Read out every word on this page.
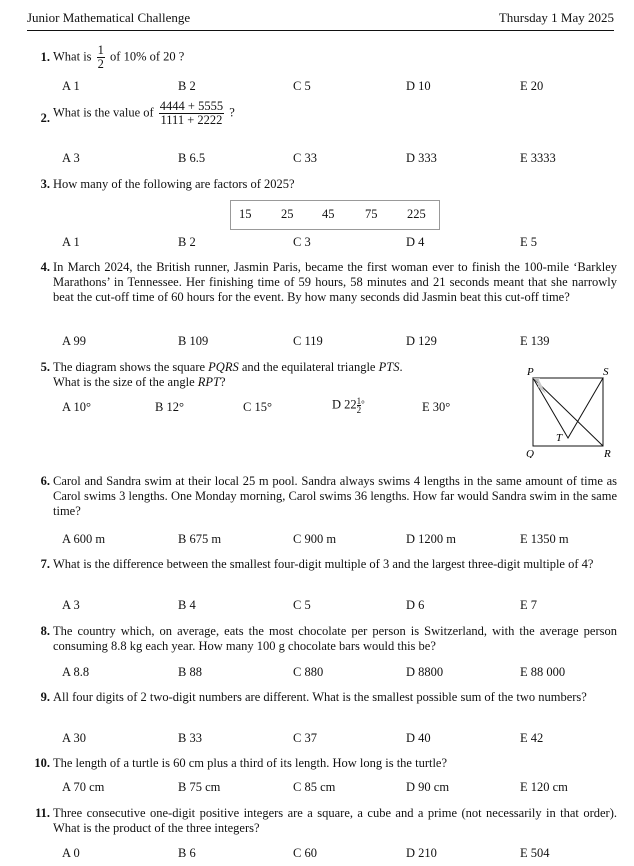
Junior Mathematical Challenge	Thursday 1 May 2025
1. What is $\frac{1}{2}$ of 10% of 20 ?
A 1	B 2	C 5	D 10	E 20
2. What is the value of $\frac{4444 + 5555}{1111 + 2222}$ ?
A 3	B 6.5	C 33	D 333	E 3333
3. How many of the following are factors of 2025?
15 25 45 75 225
A 1	B 2	C 3	D 4	E 5
4. In March 2024, the British runner, Jasmin Paris, became the first woman ever to finish the 100-mile ‘Barkley Marathons’ in Tennessee. Her finishing time of 59 hours, 58 minutes and 21 seconds meant that she narrowly beat the cut-off time of 60 hours for the event. By how many seconds did Jasmin beat this cut-off time?
A 99	B 109	C 119	D 129	E 139
5. The diagram shows the square PQRS and the equilateral triangle PTS.
What is the size of the angle RPT?
A 10°	B 12°	C 15°	D $22 \frac{1}{2} ^\circ$	E 30°
P	S
Q	R
T
6. Carol and Sandra swim at their local 25 m pool. Sandra always swims 4 lengths in the same amount of time as Carol swims 3 lengths. One Monday morning, Carol swims 36 lengths. How far would Sandra swim in the same time?
A 600 m	B 675 m	C 900 m	D 1200 m	E 1350 m
7. What is the difference between the smallest four-digit multiple of 3 and the largest three-digit multiple of 4?
A 3	B 4	C 5	D 6	E 7
8. The country which, on average, eats the most chocolate per person is Switzerland, with the average person consuming 8.8 kg each year. How many 100 g chocolate bars would this be?
A 8.8	B 88	C 880	D 8800	E 88 000
9. All four digits of 2 two-digit numbers are different. What is the smallest possible sum of the two numbers?
A 30	B 33	C 37	D 40	E 42
10. The length of a turtle is 60 cm plus a third of its length. How long is the turtle?
A 70 cm	B 75 cm	C 85 cm	D 90 cm	E 120 cm
11. Three consecutive one-digit positive integers are a square, a cube and a prime (not necessarily in that order). What is the product of the three integers?
A 0	B 6	C 60	D 210	E 504
